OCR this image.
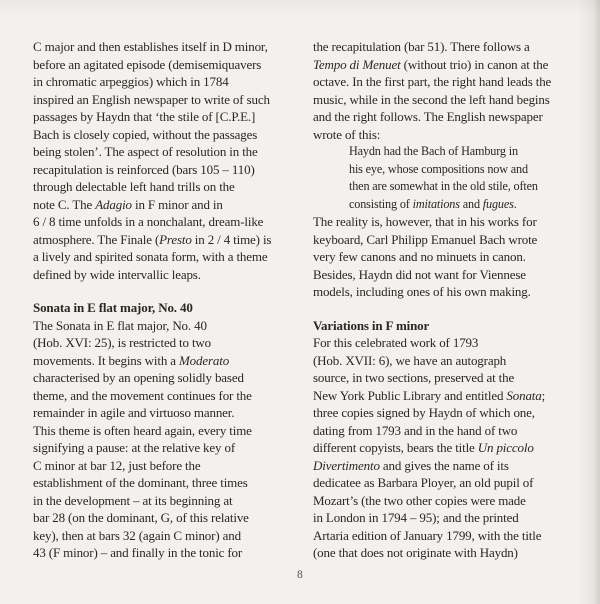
C major and then establishes itself in D minor,
before an agitated episode (demisemiquavers
in chromatic arpeggios) which in 1784
inspired an English newspaper to write of such
passages by Haydn that ‘the stile of [C.P.E.]
Bach is closely copied, without the passages
being stolen’. The aspect of resolution in the
recapitulation is reinforced (bars 105 – 110)
through delectable left hand trills on the
note C. The Adagio in F minor and in
6 / 8 time unfolds in a nonchalant, dream-like
atmosphere. The Finale (Presto in 2 / 4 time) is
a lively and spirited sonata form, with a theme
defined by wide intervallic leaps.
Sonata in E flat major, No. 40
The Sonata in E flat major, No. 40
(Hob. XVI: 25), is restricted to two
movements. It begins with a Moderato
characterised by an opening solidly based
theme, and the movement continues for the
remainder in agile and virtuoso manner.
This theme is often heard again, every time
signifying a pause: at the relative key of
C minor at bar 12, just before the
establishment of the dominant, three times
in the development – at its beginning at
bar 28 (on the dominant, G, of this relative
key), then at bars 32 (again C minor) and
43 (F minor) – and finally in the tonic for
the recapitulation (bar 51). There follows a
Tempo di Menuet (without trio) in canon at the
octave. In the first part, the right hand leads the
music, while in the second the left hand begins
and the right follows. The English newspaper
wrote of this:
Haydn had the Bach of Hamburg in
his eye, whose compositions now and
then are somewhat in the old stile, often
consisting of imitations and fugues.
The reality is, however, that in his works for
keyboard, Carl Philipp Emanuel Bach wrote
very few canons and no minuets in canon.
Besides, Haydn did not want for Viennese
models, including ones of his own making.
Variations in F minor
For this celebrated work of 1793
(Hob. XVII: 6), we have an autograph
source, in two sections, preserved at the
New York Public Library and entitled Sonata;
three copies signed by Haydn of which one,
dating from 1793 and in the hand of two
different copyists, bears the title Un piccolo
Divertimento and gives the name of its
dedicatee as Barbara Ployer, an old pupil of
Mozart’s (the two other copies were made
in London in 1794 – 95); and the printed
Artaria edition of January 1799, with the title
(one that does not originate with Haydn)
8
